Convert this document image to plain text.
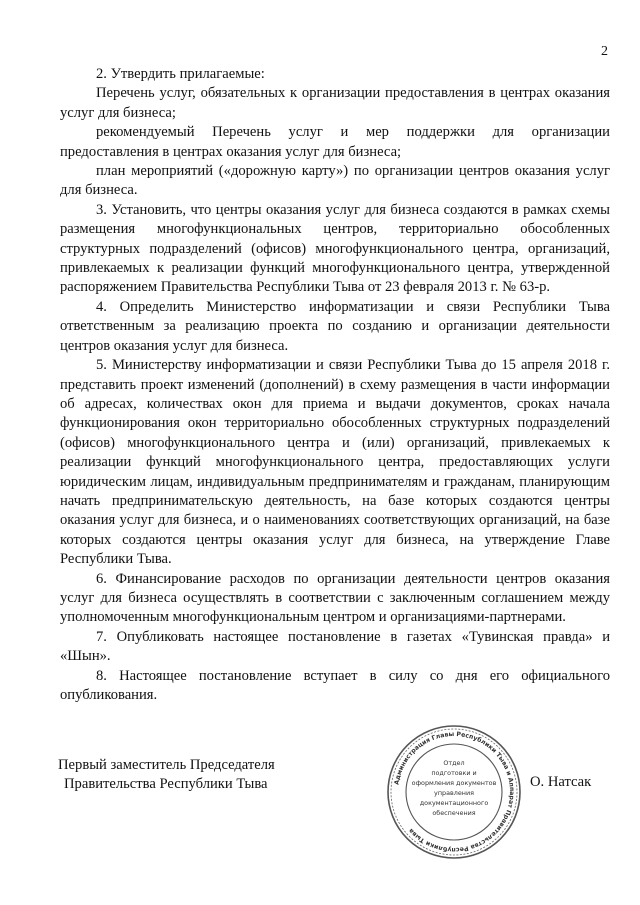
2

2. Утвердить прилагаемые:

Перечень услуг, обязательных к организации предоставления в центрах оказания услуг для бизнеса;

рекомендуемый Перечень услуг и мер поддержки для организации предоставления в центрах оказания услуг для бизнеса;

план мероприятий («дорожную карту») по организации центров оказания услуг для бизнеса.

3. Установить, что центры оказания услуг для бизнеса создаются в рамках схемы размещения многофункциональных центров, территориально обособленных структурных подразделений (офисов) многофункционального центра, организаций, привлекаемых к реализации функций многофункционального центра, утвержденной распоряжением Правительства Республики Тыва от 23 февраля 2013 г. № 63-р.

4. Определить Министерство информатизации и связи Республики Тыва ответственным за реализацию проекта по созданию и организации деятельности центров оказания услуг для бизнеса.

5. Министерству информатизации и связи Республики Тыва до 15 апреля 2018 г. представить проект изменений (дополнений) в схему размещения в части информации об адресах, количествах окон для приема и выдачи документов, сроках начала функционирования окон территориально обособленных структурных подразделений (офисов) многофункционального центра и (или) организаций, привлекаемых к реализации функций многофункционального центра, предоставляющих услуги юридическим лицам, индивидуальным предпринимателям и гражданам, планирующим начать предпринимательскую деятельность, на базе которых создаются центры оказания услуг для бизнеса, и о наименованиях соответствующих организаций, на базе которых создаются центры оказания услуг для бизнеса, на утверждение Главе Республики Тыва.

6. Финансирование расходов по организации деятельности центров оказания услуг для бизнеса осуществлять в соответствии с заключенным соглашением между уполномоченным многофункциональным центром и организациями-партнерами.

7. Опубликовать настоящее постановление в газетах «Тувинская правда» и «Шын».

8. Настоящее постановление вступает в силу со дня его официального опубликования.

Первый заместитель Председателя
Правительства Республики Тыва	Администрация Главы Республики Тыва и Аппарат Правительства Республики Тыва
Отдел
подготовки и
оформления документов
управления
документационного
обеспечения
О. Натсак
